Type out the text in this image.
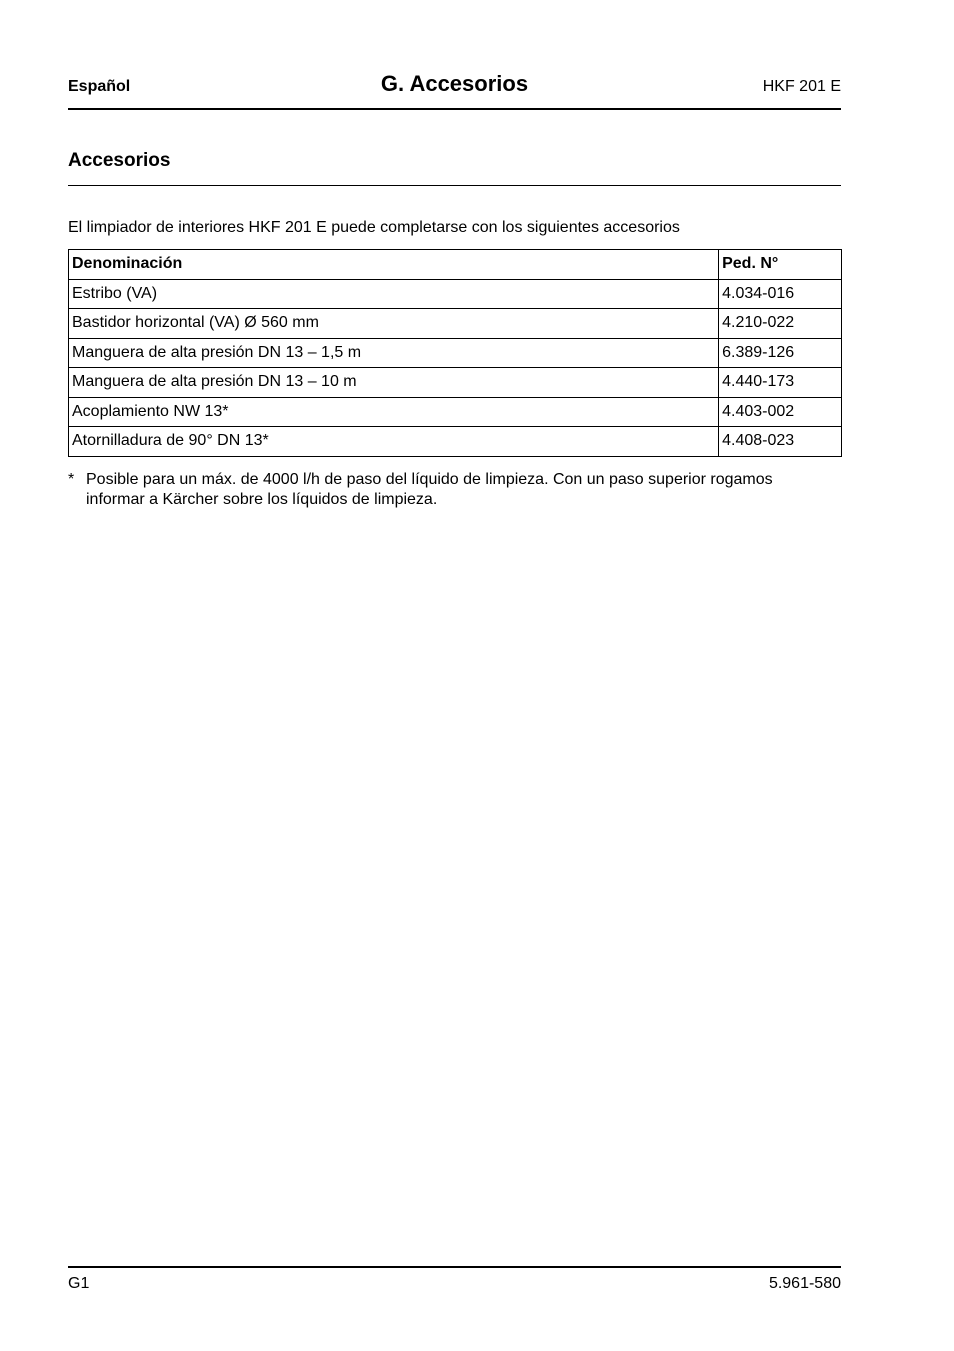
Español	G. Accesorios	HKF 201 E
Accesorios
El limpiador de interiores HKF 201 E puede completarse con los siguientes accesorios
Denominación	Ped. N°
Estribo (VA)	4.034-016
Bastidor horizontal (VA) Ø 560 mm	4.210-022
Manguera de alta presión DN 13 – 1,5 m	6.389-126
Manguera de alta presión DN 13 – 10 m	4.440-173
Acoplamiento NW 13*	4.403-002
Atornilladura de 90° DN 13*	4.408-023
* Posible para un máx. de 4000 l/h de paso del líquido de limpieza. Con un paso superior rogamos informar a Kärcher sobre los líquidos de limpieza.
G1	5.961-580
